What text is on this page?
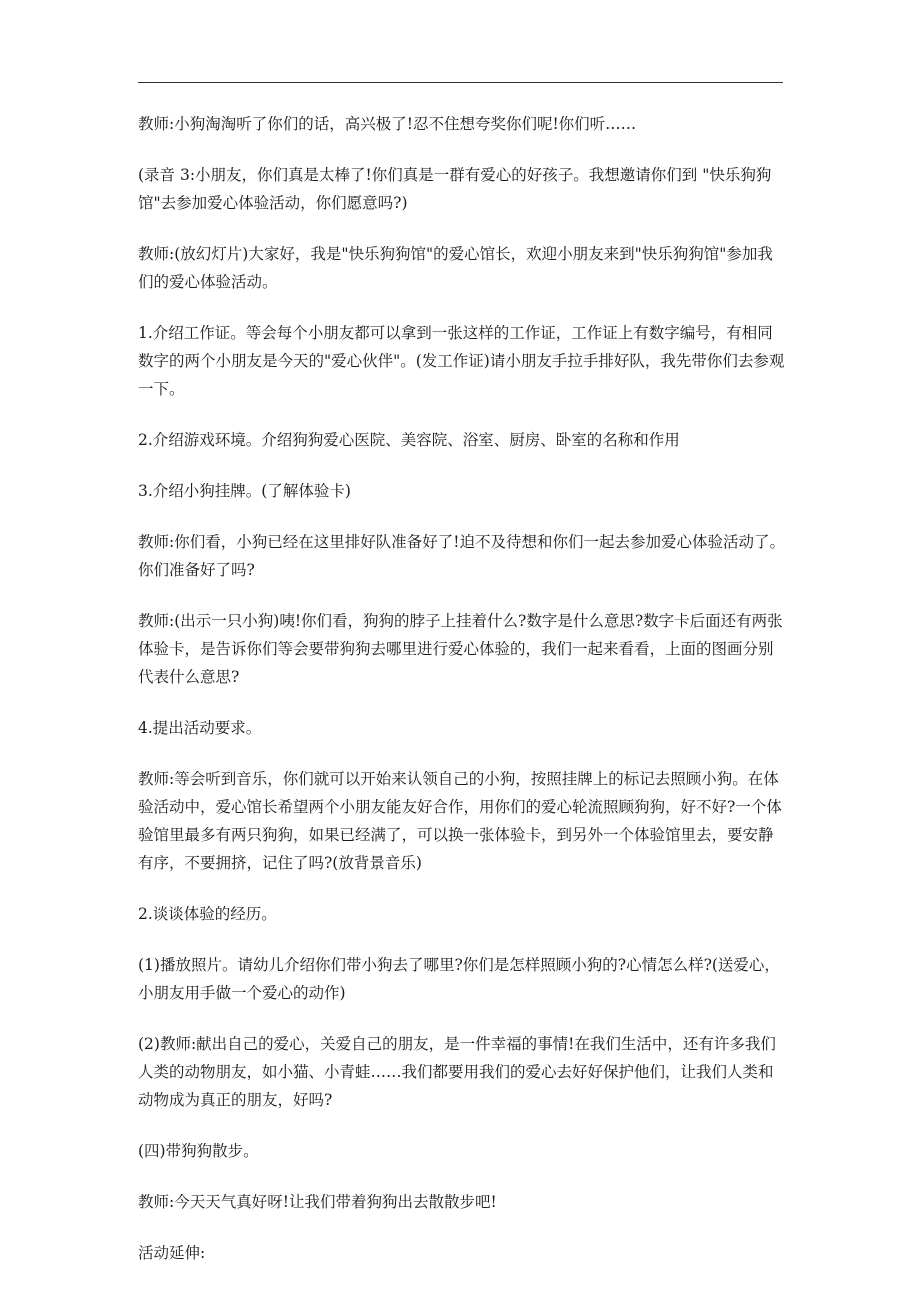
教师:小狗淘淘听了你们的话，高兴极了!忍不住想夸奖你们呢!你们听……

(录音 3:小朋友，你们真是太棒了!你们真是一群有爱心的好孩子。我想邀请你们到 "快乐狗狗馆"去参加爱心体验活动，你们愿意吗?)

教师:(放幻灯片)大家好，我是"快乐狗狗馆"的爱心馆长，欢迎小朋友来到"快乐狗狗馆"参加我们的爱心体验活动。

1.介绍工作证。等会每个小朋友都可以拿到一张这样的工作证，工作证上有数字编号，有相同数字的两个小朋友是今天的"爱心伙伴"。(发工作证)请小朋友手拉手排好队，我先带你们去参观一下。

2.介绍游戏环境。介绍狗狗爱心医院、美容院、浴室、厨房、卧室的名称和作用

3.介绍小狗挂牌。(了解体验卡)

教师:你们看，小狗已经在这里排好队准备好了!迫不及待想和你们一起去参加爱心体验活动了。你们准备好了吗?

教师:(出示一只小狗)咦!你们看，狗狗的脖子上挂着什么?数字是什么意思?数字卡后面还有两张体验卡，是告诉你们等会要带狗狗去哪里进行爱心体验的，我们一起来看看，上面的图画分别代表什么意思?

4.提出活动要求。

教师:等会听到音乐，你们就可以开始来认领自己的小狗，按照挂牌上的标记去照顾小狗。在体验活动中，爱心馆长希望两个小朋友能友好合作，用你们的爱心轮流照顾狗狗，好不好?一个体验馆里最多有两只狗狗，如果已经满了，可以换一张体验卡，到另外一个体验馆里去，要安静有序，不要拥挤，记住了吗?(放背景音乐)

2.谈谈体验的经历。

(1)播放照片。请幼儿介绍你们带小狗去了哪里?你们是怎样照顾小狗的?心情怎么样?(送爱心，小朋友用手做一个爱心的动作)

(2)教师:献出自己的爱心，关爱自己的朋友，是一件幸福的事情!在我们生活中，还有许多我们人类的动物朋友，如小猫、小青蛙……我们都要用我们的爱心去好好保护他们，让我们人类和动物成为真正的朋友，好吗?

(四)带狗狗散步。

教师:今天天气真好呀!让我们带着狗狗出去散散步吧!

活动延伸:
